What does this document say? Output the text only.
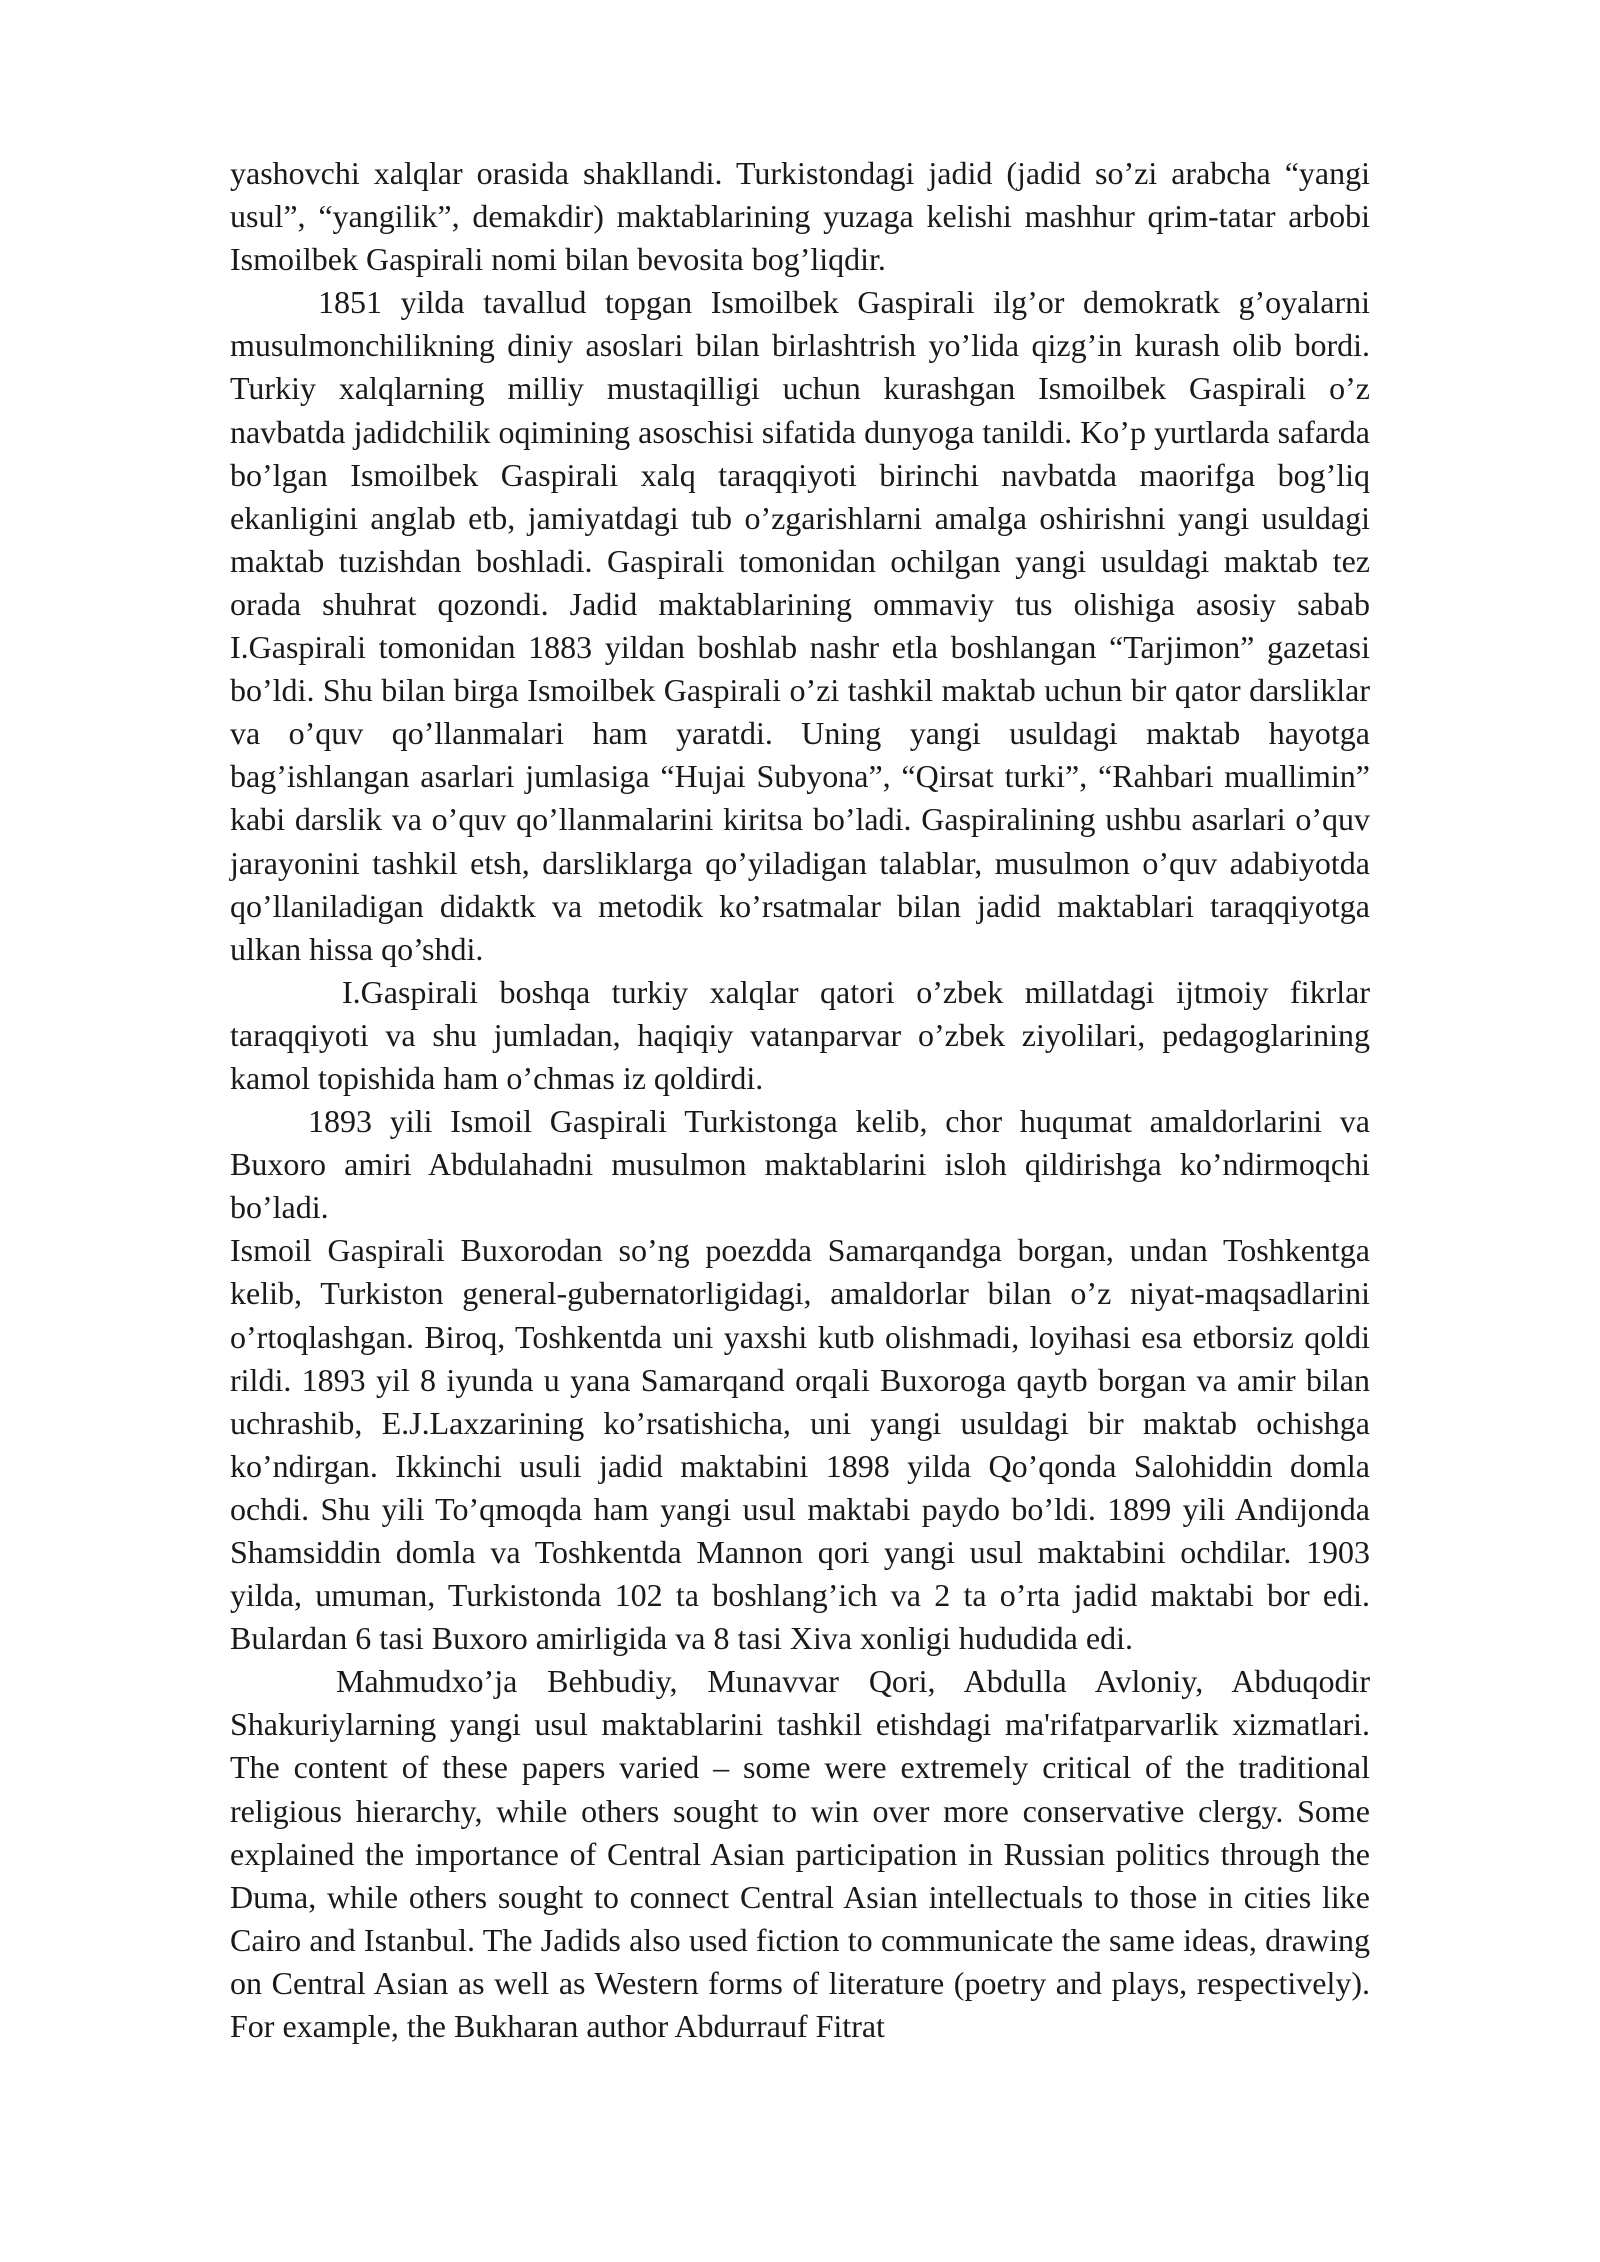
yashovchi xalqlar orasida shakllandi. Turkistondagi jadid (jadid so’zi arabcha “yangi usul”, “yangilik”, demakdir) maktablarining yuzaga kelishi mashhur qrim-tatar arbobi Ismoilbek Gaspirali nomi bilan bevosita bog’liqdir.

1851 yilda tavallud topgan Ismoilbek Gaspirali ilg’or demokratk g’oyalarni musulmonchilikning diniy asoslari bilan birlashtrish yo’lida qizg’in kurash olib bordi. Turkiy xalqlarning milliy mustaqilligi uchun kurashgan Ismoilbek Gaspirali o’z navbatda jadidchilik oqimining asoschisi sifatida dunyoga tanildi. Ko’p yurtlarda safarda bo’lgan Ismoilbek Gaspirali xalq taraqqiyoti birinchi navbatda maorifga bog’liq ekanligini anglab etb, jamiyatdagi tub o’zgarishlarni amalga oshirishni yangi usuldagi maktab tuzishdan boshladi. Gaspirali tomonidan ochilgan yangi usuldagi maktab tez orada shuhrat qozondi. Jadid maktablarining ommaviy tus olishiga asosiy sabab I.Gaspirali tomonidan 1883 yildan boshlab nashr etla boshlangan “Tarjimon” gazetasi bo’ldi. Shu bilan birga Ismoilbek Gaspirali o’zi tashkil maktab uchun bir qator darsliklar va o’quv qo’llanmalari ham yaratdi. Uning yangi usuldagi maktab hayotga bag’ishlangan asarlari jumlasiga “Hujai Subyona”, “Qirsat turki”, “Rahbari muallimin” kabi darslik va o’quv qo’llanmalarini kiritsa bo’ladi. Gaspiralining ushbu asarlari o’quv jarayonini tashkil etsh, darsliklarga qo’yiladigan talablar, musulmon o’quv adabiyotda qo’llaniladigan didaktk va metodik ko’rsatmalar bilan jadid maktablari taraqqiyotga ulkan hissa qo’shdi.

I.Gaspirali boshqa turkiy xalqlar qatori o’zbek millatdagi ijtmoiy fikrlar taraqqiyoti va shu jumladan, haqiqiy vatanparvar o’zbek ziyolilari, pedagoglarining kamol topishida ham o’chmas iz qoldirdi.

1893 yili Ismoil Gaspirali Turkistonga kelib, chor huqumat amaldorlarini va Buxoro amiri Abdulahadni musulmon maktablarini isloh qildirishga ko’ndirmoqchi bo’ladi.

Ismoil Gaspirali Buxorodan so’ng poezdda Samarqandga borgan, undan Toshkentga kelib, Turkiston general-gubernatorligidagi, amaldorlar bilan o’z niyat-maqsadlarini o’rtoqlashgan. Biroq, Toshkentda uni yaxshi kutb olishmadi, loyihasi esa etborsiz qoldi rildi. 1893 yil 8 iyunda u yana Samarqand orqali Buxoroga qaytb borgan va amir bilan uchrashib, E.J.Laxzarining ko’rsatishicha, uni yangi usuldagi bir maktab ochishga ko’ndirgan. Ikkinchi usuli jadid maktabini 1898 yilda Qo’qonda Salohiddin domla ochdi. Shu yili To’qmoqda ham yangi usul maktabi paydo bo’ldi. 1899 yili Andijonda Shamsiddin domla va Toshkentda Mannon qori yangi usul maktabini ochdilar. 1903 yilda, umuman, Turkistonda 102 ta boshlang’ich va 2 ta o’rta jadid maktabi bor edi. Bulardan 6 tasi Buxoro amirligida va 8 tasi Xiva xonligi hududida edi.

Mahmudxo’ja Behbudiy, Munavvar Qori, Abdulla Avloniy, Abduqodir Shakuriylarning yangi usul maktablarini tashkil etishdagi ma'rifatparvarlik xizmatlari. The content of these papers varied – some were extremely critical of the traditional religious hierarchy, while others sought to win over more conservative clergy. Some explained the importance of Central Asian participation in Russian politics through the Duma, while others sought to connect Central Asian intellectuals to those in cities like Cairo and Istanbul. The Jadids also used fiction to communicate the same ideas, drawing on Central Asian as well as Western forms of literature (poetry and plays, respectively). For example, the Bukharan author Abdurrauf Fitrat
